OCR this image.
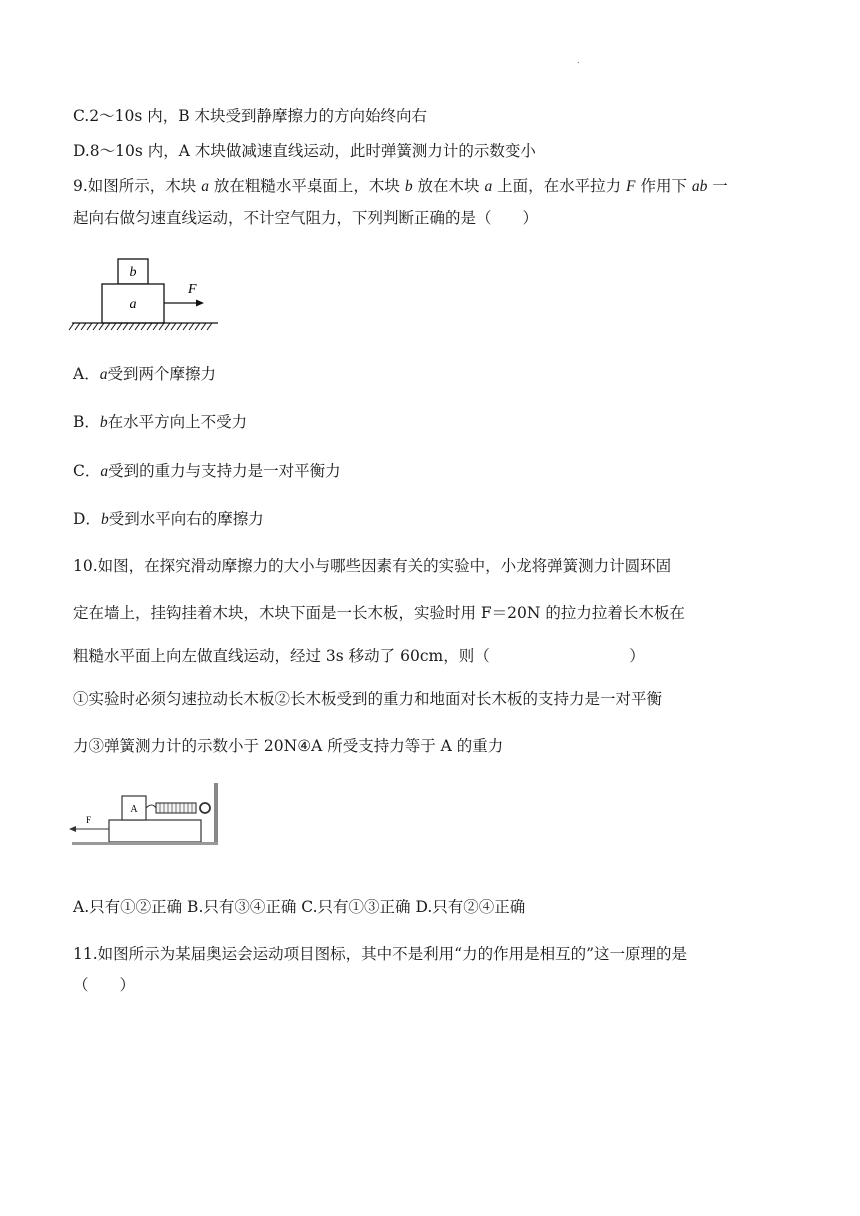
.
C.2～10s 内，B 木块受到静摩擦力的方向始终向右
D.8～10s 内，A 木块做减速直线运动，此时弹簧测力计的示数变小
9.如图所示，木块 a 放在粗糙水平桌面上，木块 b 放在木块 a 上面，在水平拉力 F 作用下 ab 一
起向右做匀速直线运动，不计空气阻力，下列判断正确的是（　　）
b
a
F
A．a受到两个摩擦力
B．b在水平方向上不受力
C．a受到的重力与支持力是一对平衡力
D．b受到水平向右的摩擦力
10.如图，在探究滑动摩擦力的大小与哪些因素有关的实验中，小龙将弹簧测力计圆环固
定在墙上，挂钩挂着木块，木块下面是一长木板，实验时用 F＝20N 的拉力拉着长木板在
粗糙水平面上向左做直线运动，经过 3s 移动了 60cm，则（　　　　　　　　　）
①实验时必须匀速拉动长木板②长木板受到的重力和地面对长木板的支持力是一对平衡
力③弹簧测力计的示数小于 20N④A 所受支持力等于 A 的重力
A
F
A.只有①②正确 B.只有③④正确 C.只有①③正确 D.只有②④正确
11.如图所示为某届奥运会运动项目图标，其中不是利用“力的作用是相互的”这一原理的是
（　　）
